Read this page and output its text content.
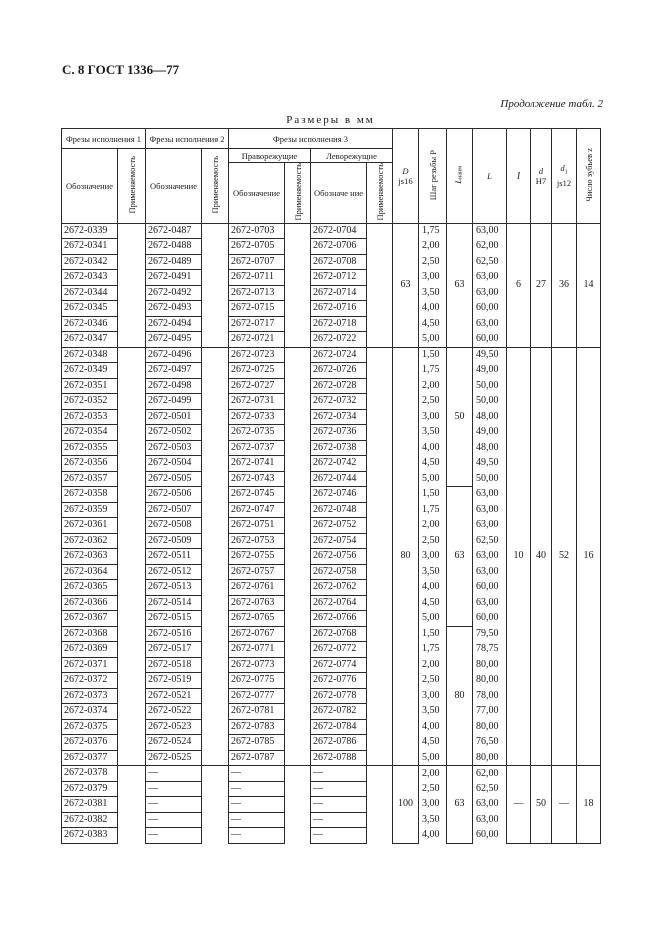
С. 8 ГОСТ 1336—77
Продолжение табл. 2
Размеры в мм
Фрезы исполнения 1		Фрезы исполнения 2		Фрезы исполнения 3				D
js16	Шаг резьбы P	$L_{наим}$	L	l	d
H7	$d_1$
js12	Число зубьев z
Обозначение	Применяемость	Обозначение	Применяемость	Праворежущие		Леворежущие									
				Обозначение	Применяемость	Обозначе ние	Применяемость								
2672-0339		2672-0487		2672-0703		2672-0704		63	1,75	63	63,00	6	27	36	14
2672-0341		2672-0488		2672-0705		2672-0706			2,00		62,00				
2672-0342		2672-0489		2672-0707		2672-0708			2,50		62,50				
2672-0343		2672-0491		2672-0711		2672-0712			3,00		63,00				
2672-0344		2672-0492		2672-0713		2672-0714			3,50		63,00				
2672-0345		2672-0493		2672-0715		2672-0716			4,00		60,00				
2672-0346		2672-0494		2672-0717		2672-0718			4,50		63,00				
2672-0347		2672-0495		2672-0721		2672-0722			5,00		60,00				
2672-0348		2672-0496		2672-0723		2672-0724		80	1,50	50	49,50	10	40	52	16
2672-0349		2672-0497		2672-0725		2672-0726			1,75		49,00				
2672-0351		2672-0498		2672-0727		2672-0728			2,00		50,00				
2672-0352		2672-0499		2672-0731		2672-0732			2,50		50,00				
2672-0353		2672-0501		2672-0733		2672-0734			3,00		48,00				
2672-0354		2672-0502		2672-0735		2672-0736			3,50		49,00				
2672-0355		2672-0503		2672-0737		2672-0738			4,00		48,00				
2672-0356		2672-0504		2672-0741		2672-0742			4,50		49,50				
2672-0357		2672-0505		2672-0743		2672-0744			5,00		50,00				
2672-0358		2672-0506		2672-0745		2672-0746			1,50	63	63,00				
2672-0359		2672-0507		2672-0747		2672-0748			1,75		63,00				
2672-0361		2672-0508		2672-0751		2672-0752			2,00		63,00				
2672-0362		2672-0509		2672-0753		2672-0754			2,50		62,50				
2672-0363		2672-0511		2672-0755		2672-0756			3,00		63,00				
2672-0364		2672-0512		2672-0757		2672-0758			3,50		63,00				
2672-0365		2672-0513		2672-0761		2672-0762			4,00		60,00				
2672-0366		2672-0514		2672-0763		2672-0764			4,50		63,00				
2672-0367		2672-0515		2672-0765		2672-0766			5,00		60,00				
2672-0368		2672-0516		2672-0767		2672-0768			1,50	80	79,50				
2672-0369		2672-0517		2672-0771		2672-0772			1,75		78,75				
2672-0371		2672-0518		2672-0773		2672-0774			2,00		80,00				
2672-0372		2672-0519		2672-0775		2672-0776			2,50		80,00				
2672-0373		2672-0521		2672-0777		2672-0778			3,00		78,00				
2672-0374		2672-0522		2672-0781		2672-0782			3,50		77,00				
2672-0375		2672-0523		2672-0783		2672-0784			4,00		80,00				
2672-0376		2672-0524		2672-0785		2672-0786			4,50		76,50				
2672-0377		2672-0525		2672-0787		2672-0788			5,00		80,00				
2672-0378		—		—		—		100	2,00	63	62,00	—	50	—	18
2672-0379		—		—		—			2,50		62,50				
2672-0381		—		—		—			3,00		63,00				
2672-0382		—		—		—			3,50		63,00				
2672-0383		—		—		—			4,00		60,00				
